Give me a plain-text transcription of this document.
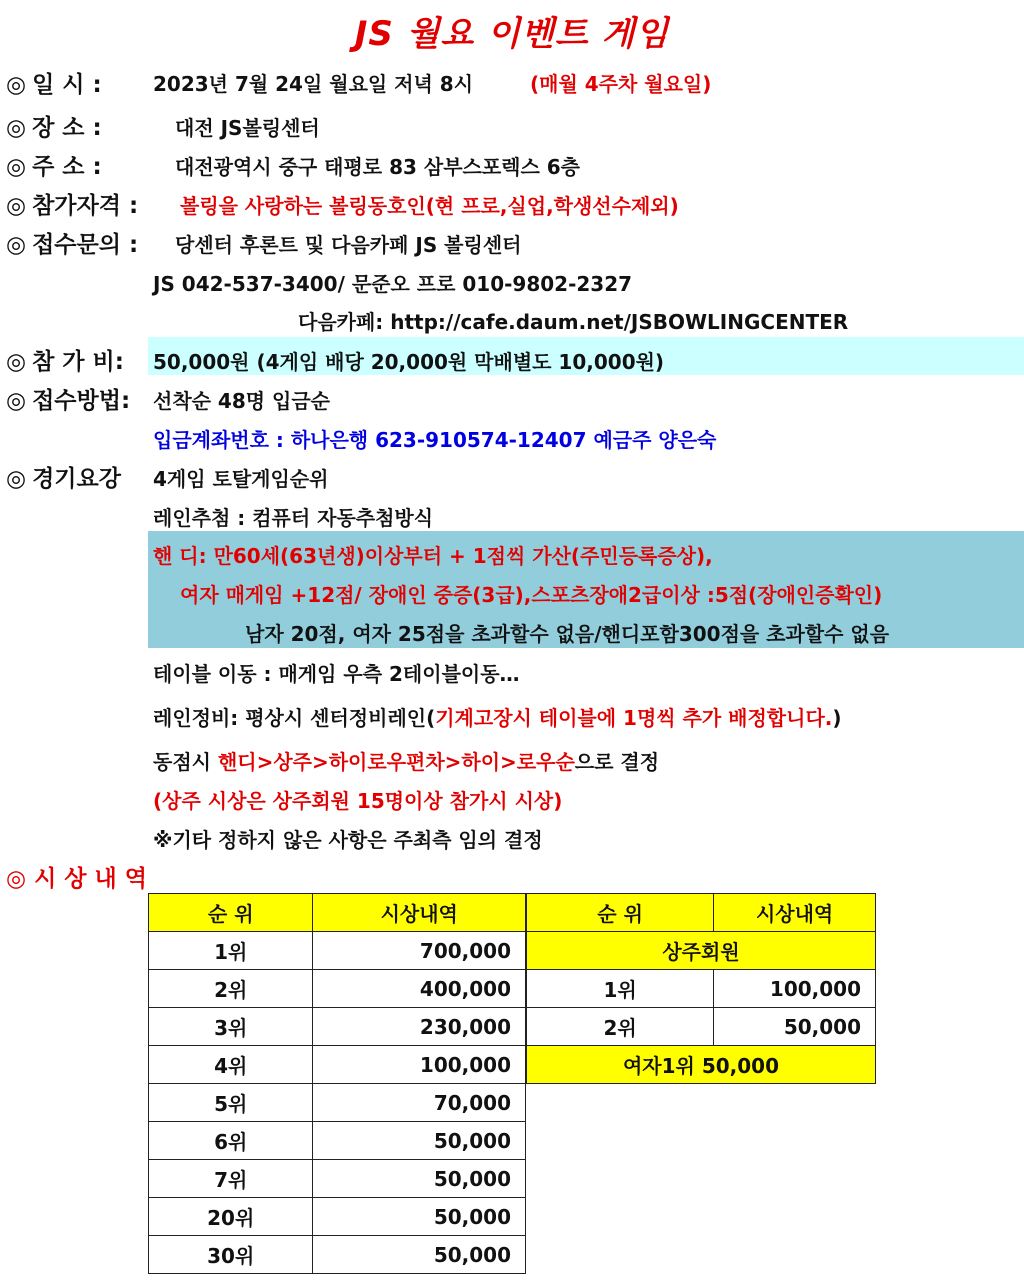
JS 월요 이벤트 게임
◎ 일 시 :	2023년 7월 24일 월요일 저녁 8시	(매월 4주차 월요일)
◎ 장 소 :	대전 JS볼링센터
◎ 주 소 :	대전광역시 중구 태평로 83 삼부스포렉스 6층
◎ 참가자격 : 볼링을 사랑하는 볼링동호인(현 프로,실업,학생선수제외)
◎ 접수문의 : 당센터 후론트 및 다음카페 JS 볼링센터
JS 042-537-3400/ 문준오 프로 010-9802-2327
다음카페: http://cafe.daum.net/JSBOWLINGCENTER
◎ 참 가 비: 50,000원 (4게임 배당 20,000원 막배별도 10,000원)
◎ 접수방법: 선착순 48명 입금순
입금계좌번호 : 하나은행 623-910574-12407 예금주 양은숙
◎ 경기요강 4게임 토탈게임순위
레인추첨 : 컴퓨터 자동추첨방식
핸 디: 만60세(63년생)이상부터 + 1점씩 가산(주민등록증상),
여자 매게임 +12점/ 장애인 중증(3급),스포츠장애2급이상 :5점(장애인증확인)
남자 20점, 여자 25점을 초과할수 없음/핸디포함300점을 초과할수 없음
테이블 이동 : 매게임 우측 2테이블이동…
레인정비: 평상시 센터정비레인(기계고장시 테이블에 1명씩 추가 배정합니다.)
동점시 핸디>상주>하이로우편차>하이>로우순으로 결정
(상주 시상은 상주회원 15명이상 참가시 시상)
※기타 정하지 않은 사항은 주최측 임의 결정
◎ 시 상 내 역
순 위	시상내역
1위	700,000
2위	400,000
3위	230,000
4위	100,000
5위	70,000
6위	50,000
7위	50,000
20위	50,000
30위	50,000
순 위	시상내역
상주회원	
1위	100,000
2위	50,000
여자1위 50,000	
